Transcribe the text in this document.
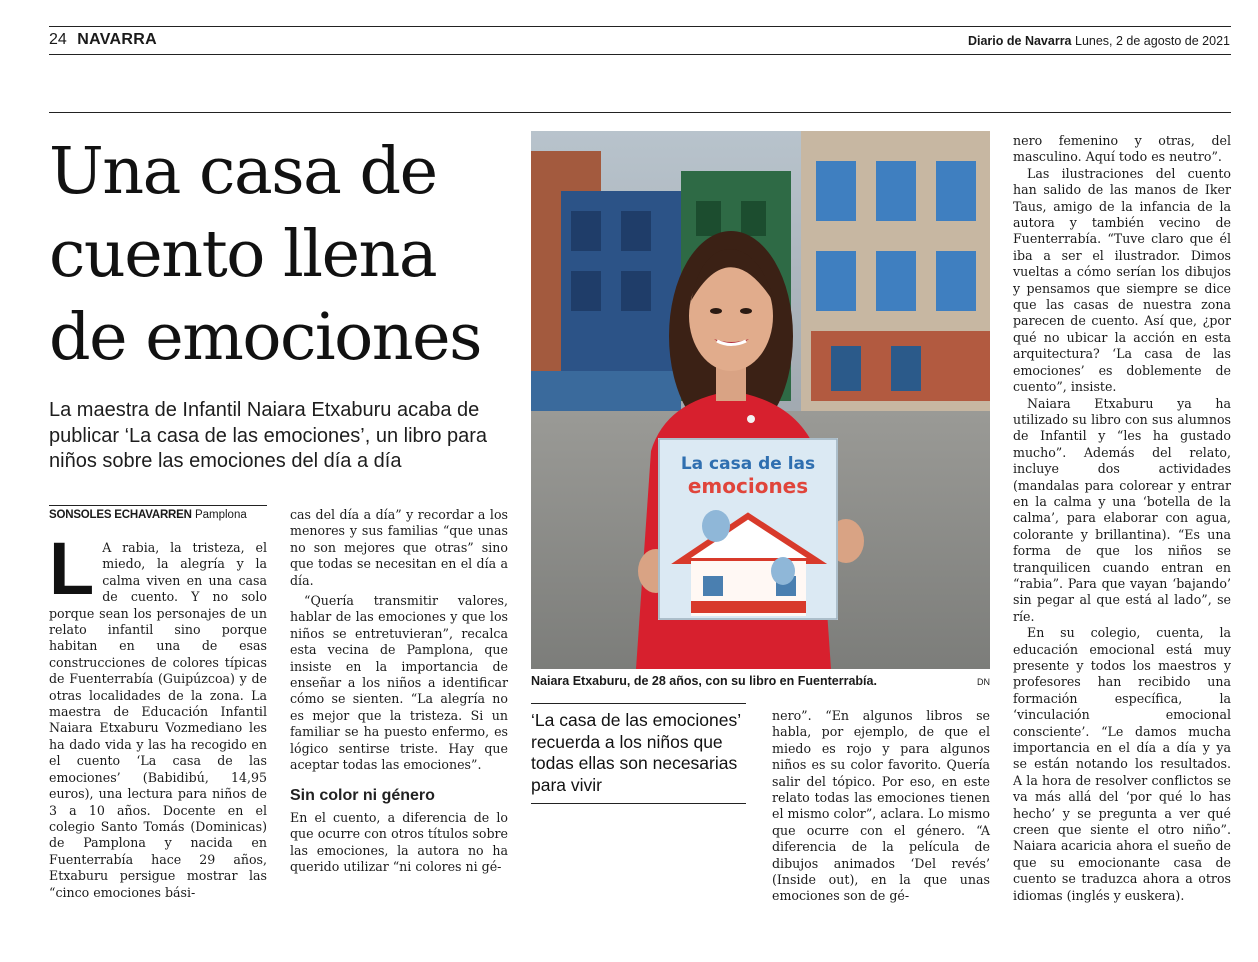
24 NAVARRA	Diario de Navarra Lunes, 2 de agosto de 2021

Una casa de
cuento llena
de emociones
La maestra de Infantil Naiara Etxaburu acaba de publicar ‘La casa de las emociones’, un libro para niños sobre las emociones del día a día
SONSOLES ECHAVARREN Pamplona
L A rabia, la tristeza, el miedo, la alegría y la calma viven en una casa de cuento. Y no solo porque sean los personajes de un relato infantil sino porque habitan en una de esas construcciones de colores típicas de Fuenterrabía (Guipúzcoa) y de otras localidades de la zona. La maestra de Educación Infantil Naiara Etxaburu Vozmediano les ha dado vida y las ha recogido en el cuento ‘La casa de las emociones’ (Babidibú, 14,95 euros), una lectura para niños de 3 a 10 años. Docente en el colegio Santo Tomás (Dominicas) de Pamplona y nacida en Fuenterrabía hace 29 años, Etxaburu persigue mostrar las “cinco emociones bási-

cas del día a día” y recordar a los menores y sus familias “que unas no son mejores que otras” sino que todas se necesitan en el día a día.

“Quería transmitir valores, hablar de las emociones y que los niños se entretuvieran”, recalca esta vecina de Pamplona, que insiste en la importancia de enseñar a los niños a identificar cómo se sienten. “La alegría no es mejor que la tristeza. Si un familiar se ha puesto enfermo, es lógico sentirse triste. Hay que aceptar todas las emociones”.

Sin color ni género

En el cuento, a diferencia de lo que ocurre con otros títulos sobre las emociones, la autora no ha querido utilizar “ni colores ni gé-

La casa de las
emociones
Naiara Etxaburu, de 28 años, con su libro en Fuenterrabía.	DN
‘La casa de las emociones’ recuerda a los niños que todas ellas son necesarias para vivir

nero”. “En algunos libros se habla, por ejemplo, de que el miedo es rojo y para algunos niños es su color favorito. Quería salir del tópico. Por eso, en este relato todas las emociones tienen el mismo color”, aclara. Lo mismo que ocurre con el género. “A diferencia de la película de dibujos animados ‘Del revés’ (Inside out), en la que unas emociones son de gé-

nero femenino y otras, del masculino. Aquí todo es neutro”.

Las ilustraciones del cuento han salido de las manos de Iker Taus, amigo de la infancia de la autora y también vecino de Fuenterrabía. “Tuve claro que él iba a ser el ilustrador. Dimos vueltas a cómo serían los dibujos y pensamos que siempre se dice que las casas de nuestra zona parecen de cuento. Así que, ¿por qué no ubicar la acción en esta arquitectura? ‘La casa de las emociones’ es doblemente de cuento”, insiste.

Naiara Etxaburu ya ha utilizado su libro con sus alumnos de Infantil y “les ha gustado mucho”. Además del relato, incluye dos actividades (mandalas para colorear y entrar en la calma y una ‘botella de la calma’, para elaborar con agua, colorante y brillantina). “Es una forma de que los niños se tranquilicen cuando entran en “rabia”. Para que vayan ‘bajando’ sin pegar al que está al lado”, se ríe.

En su colegio, cuenta, la educación emocional está muy presente y todos los maestros y profesores han recibido una formación específica, la ‘vinculación emocional consciente’. “Le damos mucha importancia en el día a día y ya se están notando los resultados. A la hora de resolver conflictos se va más allá del ‘por qué lo has hecho’ y se pregunta a ver qué creen que siente el otro niño”. Naiara acaricia ahora el sueño de que su emocionante casa de cuento se traduzca ahora a otros idiomas (inglés y euskera).
